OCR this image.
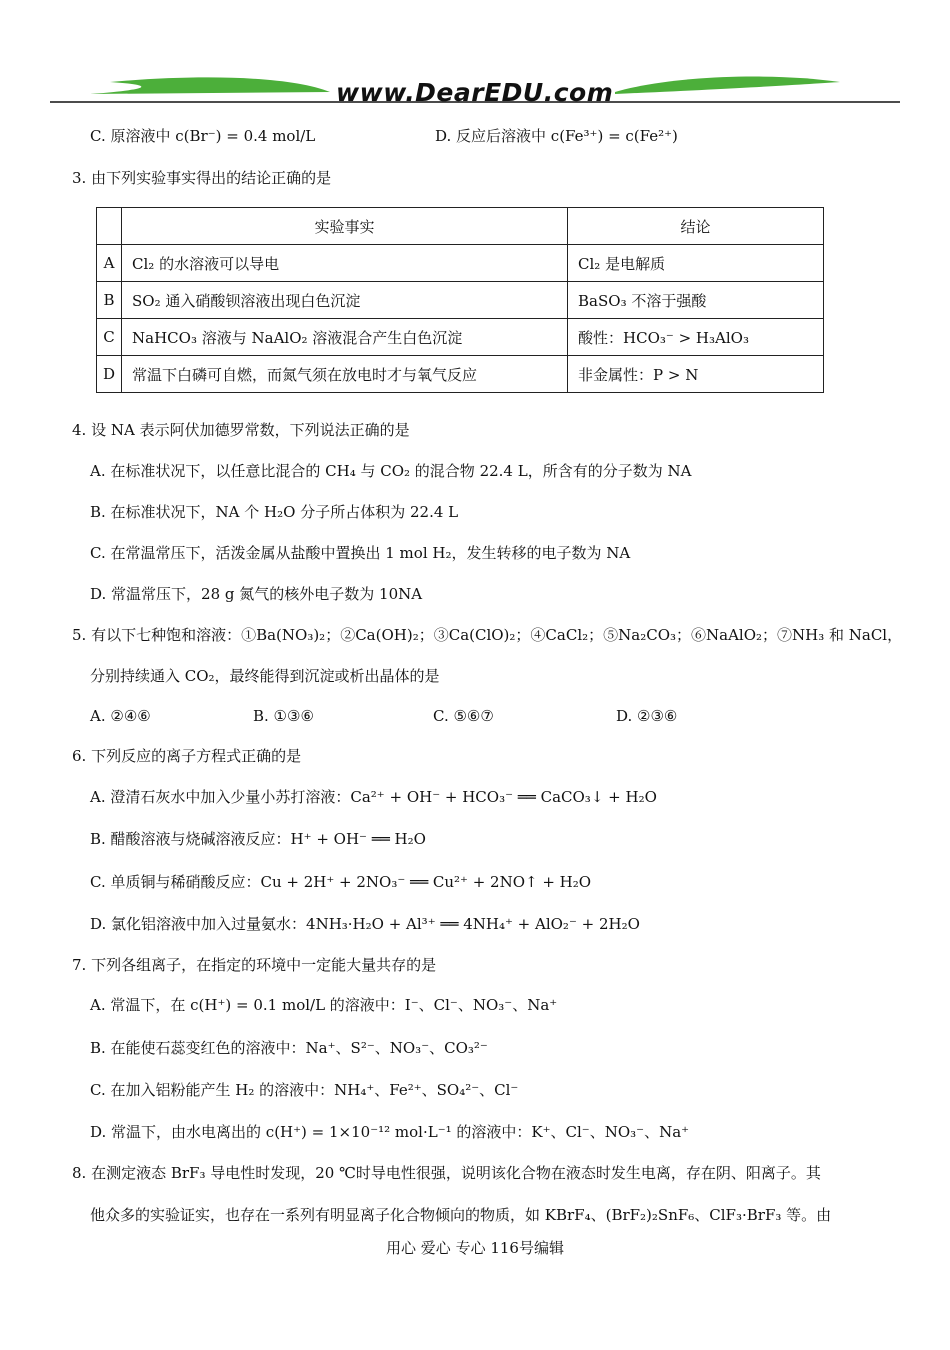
www.DearEDU.com
C. 原溶液中 c(Br⁻) = 0.4 mol/L	D. 反应后溶液中 c(Fe³⁺) = c(Fe²⁺)
3. 由下列实验事实得出的结论正确的是
	实验事实	结论
A	Cl₂ 的水溶液可以导电	Cl₂ 是电解质
B	SO₂ 通入硝酸钡溶液出现白色沉淀	BaSO₃ 不溶于强酸
C	NaHCO₃ 溶液与 NaAlO₂ 溶液混合产生白色沉淀	酸性：HCO₃⁻ > H₃AlO₃
D	常温下白磷可自燃，而氮气须在放电时才与氧气反应	非金属性：P > N
4. 设 NA 表示阿伏加德罗常数，下列说法正确的是
A. 在标准状况下，以任意比混合的 CH₄ 与 CO₂ 的混合物 22.4 L，所含有的分子数为 NA
B. 在标准状况下，NA 个 H₂O 分子所占体积为 22.4 L
C. 在常温常压下，活泼金属从盐酸中置换出 1 mol H₂，发生转移的电子数为 NA
D. 常温常压下，28 g 氮气的核外电子数为 10NA
5. 有以下七种饱和溶液：①Ba(NO₃)₂；②Ca(OH)₂；③Ca(ClO)₂；④CaCl₂；⑤Na₂CO₃；⑥NaAlO₂；⑦NH₃ 和 NaCl，
分别持续通入 CO₂，最终能得到沉淀或析出晶体的是
A. ②④⑥	B. ①③⑥	C. ⑤⑥⑦	D. ②③⑥
6. 下列反应的离子方程式正确的是
A. 澄清石灰水中加入少量小苏打溶液：Ca²⁺ + OH⁻ + HCO₃⁻ ══ CaCO₃↓ + H₂O
B. 醋酸溶液与烧碱溶液反应：H⁺ + OH⁻ ══ H₂O
C. 单质铜与稀硝酸反应：Cu + 2H⁺ + 2NO₃⁻ ══ Cu²⁺ + 2NO↑ + H₂O
D. 氯化铝溶液中加入过量氨水：4NH₃·H₂O + Al³⁺ ══ 4NH₄⁺ + AlO₂⁻ + 2H₂O
7. 下列各组离子，在指定的环境中一定能大量共存的是
A. 常温下，在 c(H⁺) = 0.1 mol/L 的溶液中：I⁻、Cl⁻、NO₃⁻、Na⁺
B. 在能使石蕊变红色的溶液中：Na⁺、S²⁻、NO₃⁻、CO₃²⁻
C. 在加入铝粉能产生 H₂ 的溶液中：NH₄⁺、Fe²⁺、SO₄²⁻、Cl⁻
D. 常温下，由水电离出的 c(H⁺) = 1×10⁻¹² mol·L⁻¹ 的溶液中：K⁺、Cl⁻、NO₃⁻、Na⁺
8. 在测定液态 BrF₃ 导电性时发现，20 ℃时导电性很强，说明该化合物在液态时发生电离，存在阴、阳离子。其
他众多的实验证实，也存在一系列有明显离子化合物倾向的物质，如 KBrF₄、(BrF₂)₂SnF₆、ClF₃·BrF₃ 等。由
用心 爱心 专心 116号编辑
